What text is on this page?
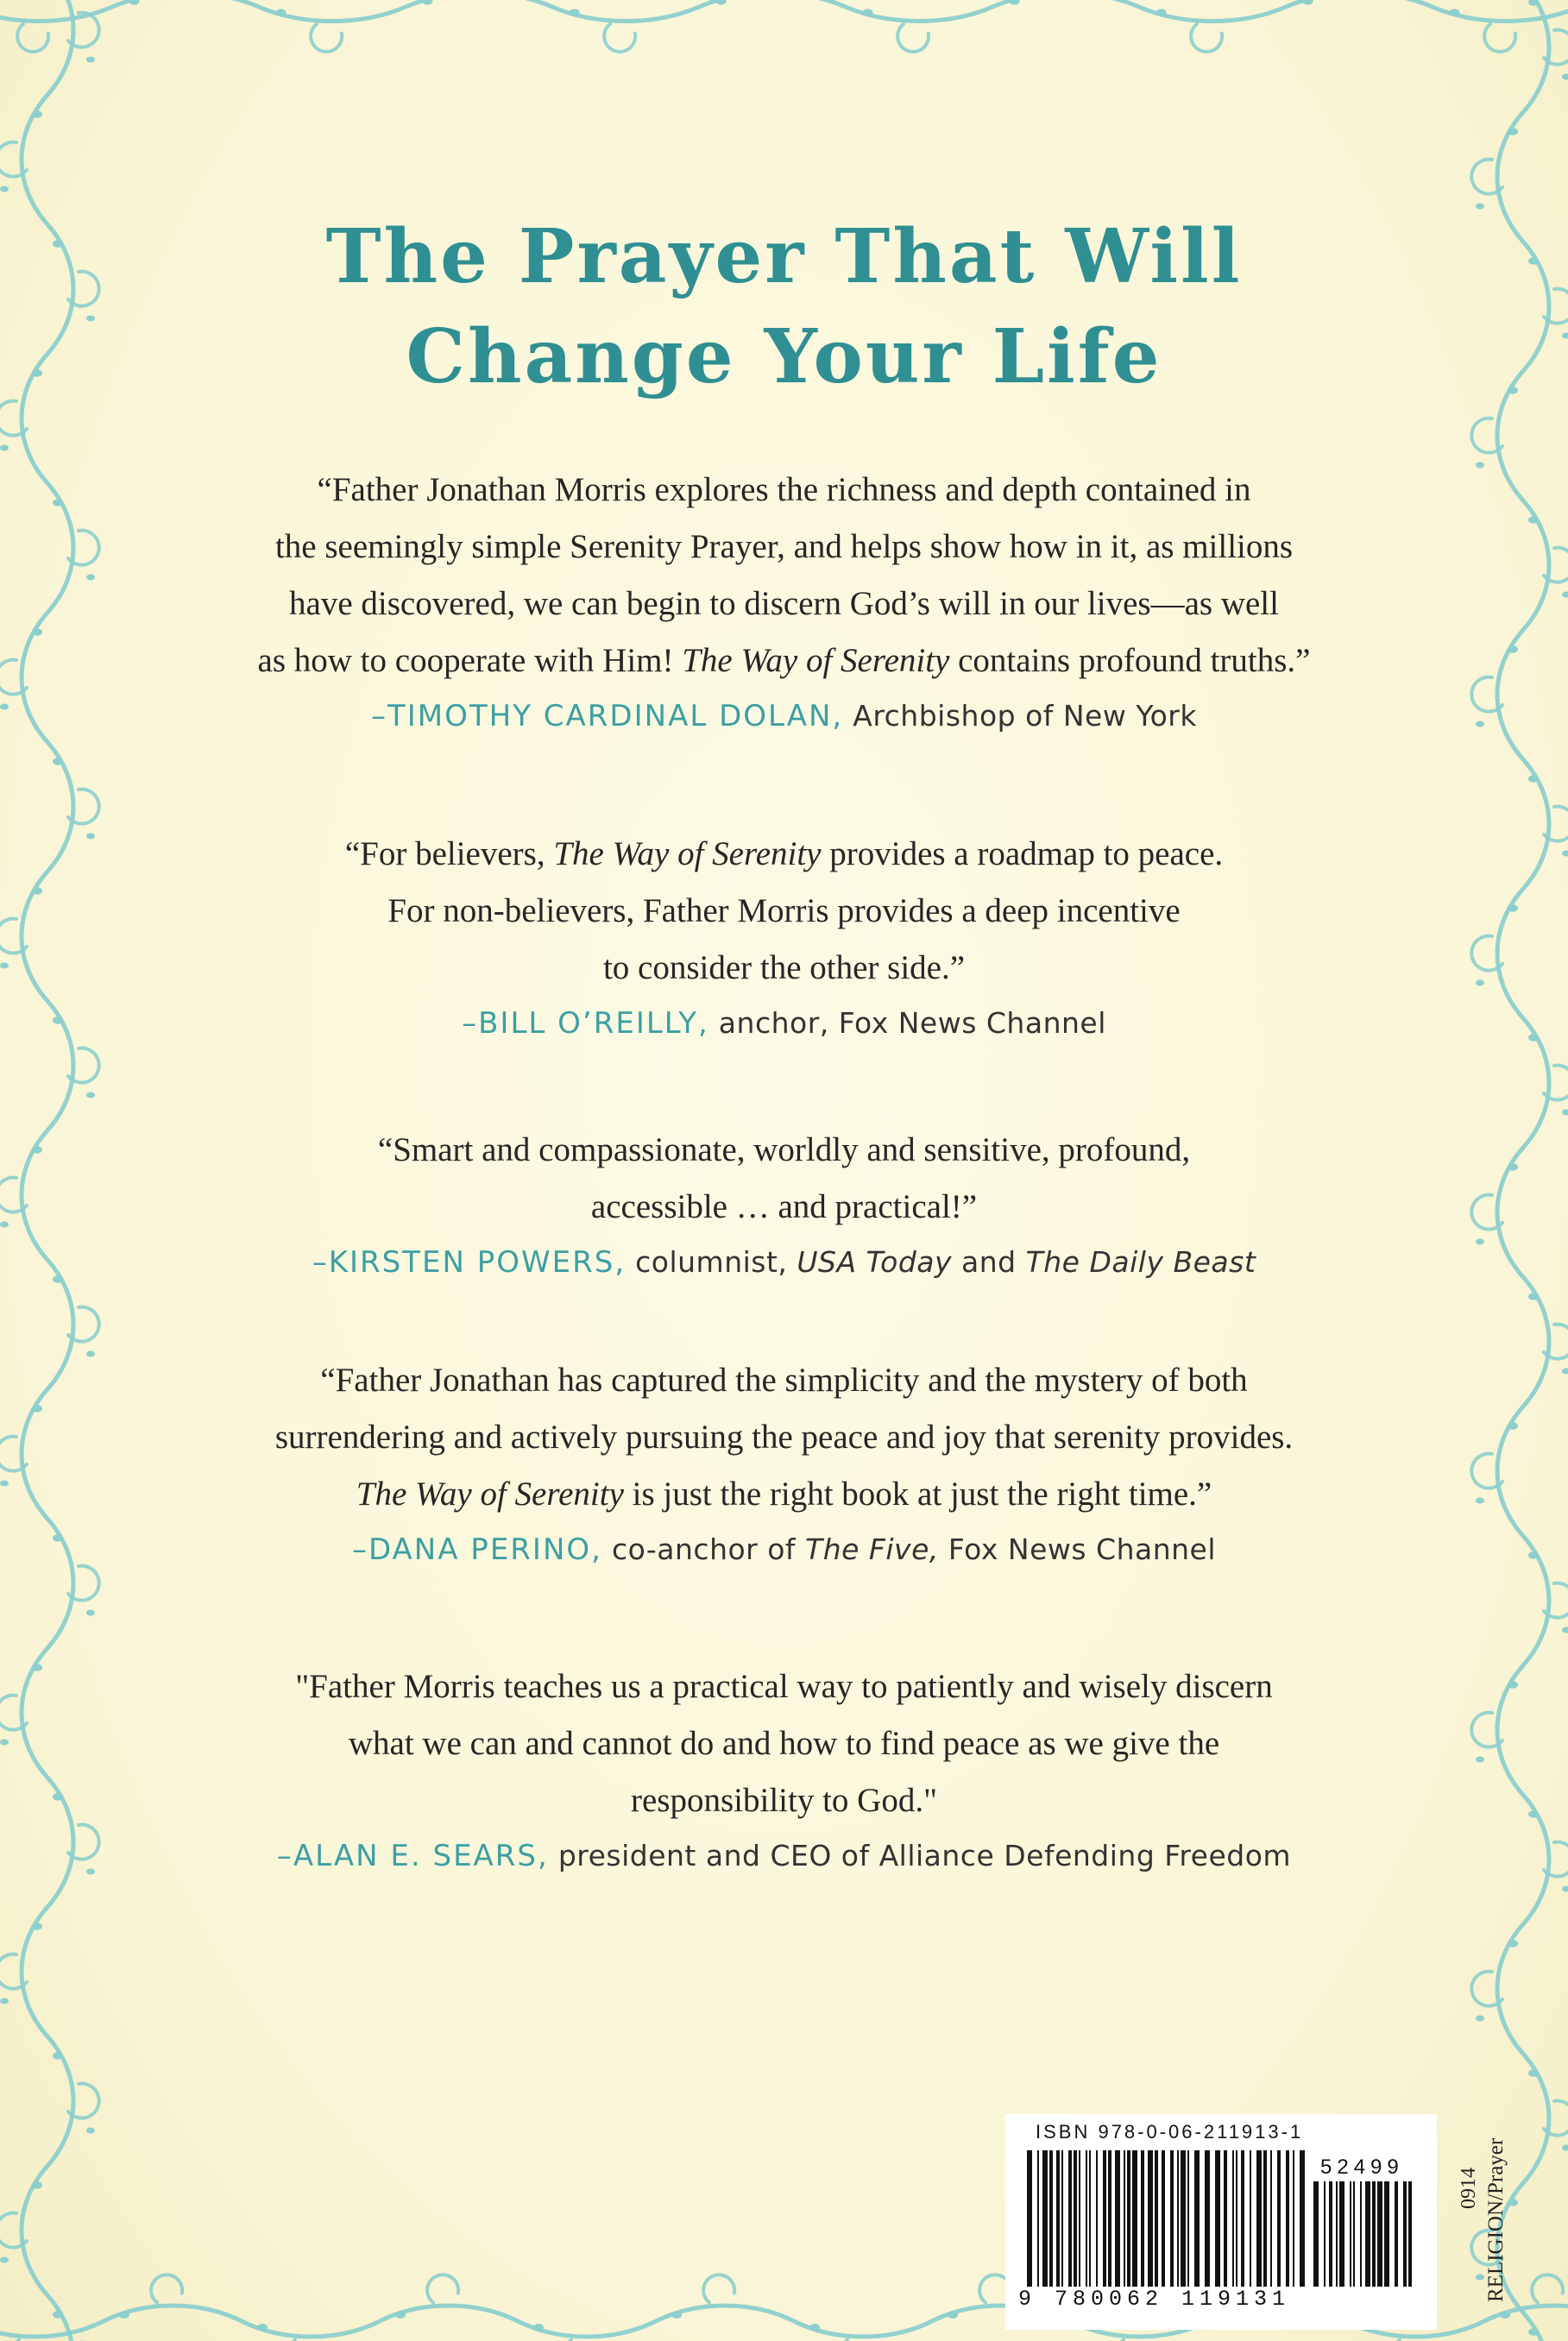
The Prayer That Will
Change Your Life

“Father Jonathan Morris explores the richness and depth contained in

the seemingly simple Serenity Prayer, and helps show how in it, as millions

have discovered, we can begin to discern God’s will in our lives—as well

as how to cooperate with Him! The Way of Serenity contains profound truths.”

–TIMOTHY CARDINAL DOLAN, Archbishop of New York

“For believers, The Way of Serenity provides a roadmap to peace.

For non-believers, Father Morris provides a deep incentive

to consider the other side.”

–BILL O’REILLY, anchor, Fox News Channel

“Smart and compassionate, worldly and sensitive, profound,

accessible … and practical!”

–KIRSTEN POWERS, columnist, USA Today and The Daily Beast

“Father Jonathan has captured the simplicity and the mystery of both

surrendering and actively pursuing the peace and joy that serenity provides.

The Way of Serenity is just the right book at just the right time.”

–DANA PERINO, co-anchor of The Five, Fox News Channel

"Father Morris teaches us a practical way to patiently and wisely discern

what we can and cannot do and how to find peace as we give the

responsibility to God."

–ALAN E. SEARS, president and CEO of Alliance Defending Freedom
ISBN 978-0-06-211913-1
52499
9 780062 119131
0914 RELIGION/Prayer
